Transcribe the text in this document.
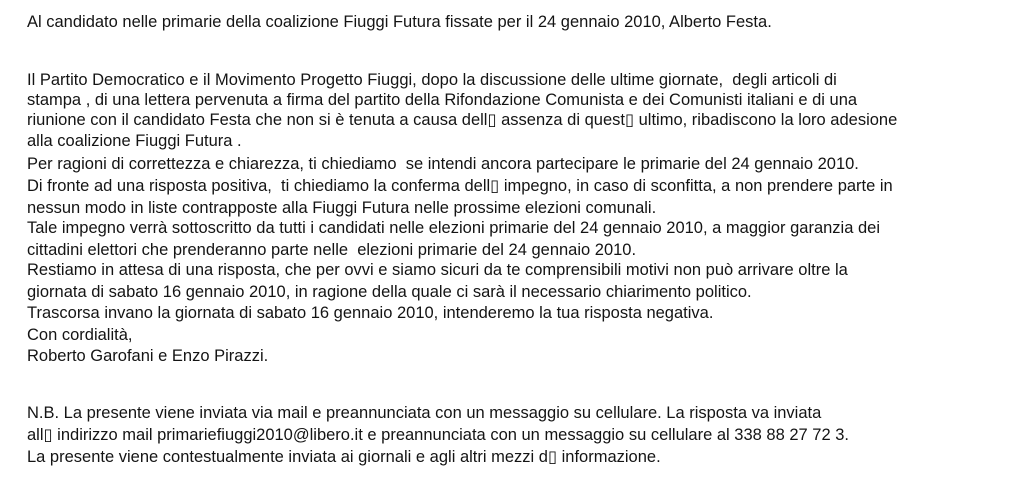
Al candidato nelle primarie della coalizione Fiuggi Futura fissate per il 24 gennaio 2010, Alberto Festa.

Il Partito Democratico e il Movimento Progetto Fiuggi, dopo la discussione delle ultime giornate,  degli articoli di

stampa , di una lettera pervenuta a firma del partito della Rifondazione Comunista e dei Comunisti italiani e di una

riunione con il candidato Festa che non si è tenuta a causa dell▯ assenza di quest▯ ultimo, ribadiscono la loro adesione

alla coalizione Fiuggi Futura .

Per ragioni di correttezza e chiarezza, ti chiediamo  se intendi ancora partecipare le primarie del 24 gennaio 2010.

Di fronte ad una risposta positiva,  ti chiediamo la conferma dell▯ impegno, in caso di sconfitta, a non prendere parte in

nessun modo in liste contrapposte alla Fiuggi Futura nelle prossime elezioni comunali.

Tale impegno verrà sottoscritto da tutti i candidati nelle elezioni primarie del 24 gennaio 2010, a maggior garanzia dei

cittadini elettori che prenderanno parte nelle  elezioni primarie del 24 gennaio 2010.

Restiamo in attesa di una risposta, che per ovvi e siamo sicuri da te comprensibili motivi non può arrivare oltre la

giornata di sabato 16 gennaio 2010, in ragione della quale ci sarà il necessario chiarimento politico.

Trascorsa invano la giornata di sabato 16 gennaio 2010, intenderemo la tua risposta negativa.

Con cordialità,

Roberto Garofani e Enzo Pirazzi.

N.B. La presente viene inviata via mail e preannunciata con un messaggio su cellulare. La risposta va inviata

all▯ indirizzo mail primariefiuggi2010@libero.it e preannunciata con un messaggio su cellulare al 338 88 27 72 3.

La presente viene contestualmente inviata ai giornali e agli altri mezzi d▯ informazione.
